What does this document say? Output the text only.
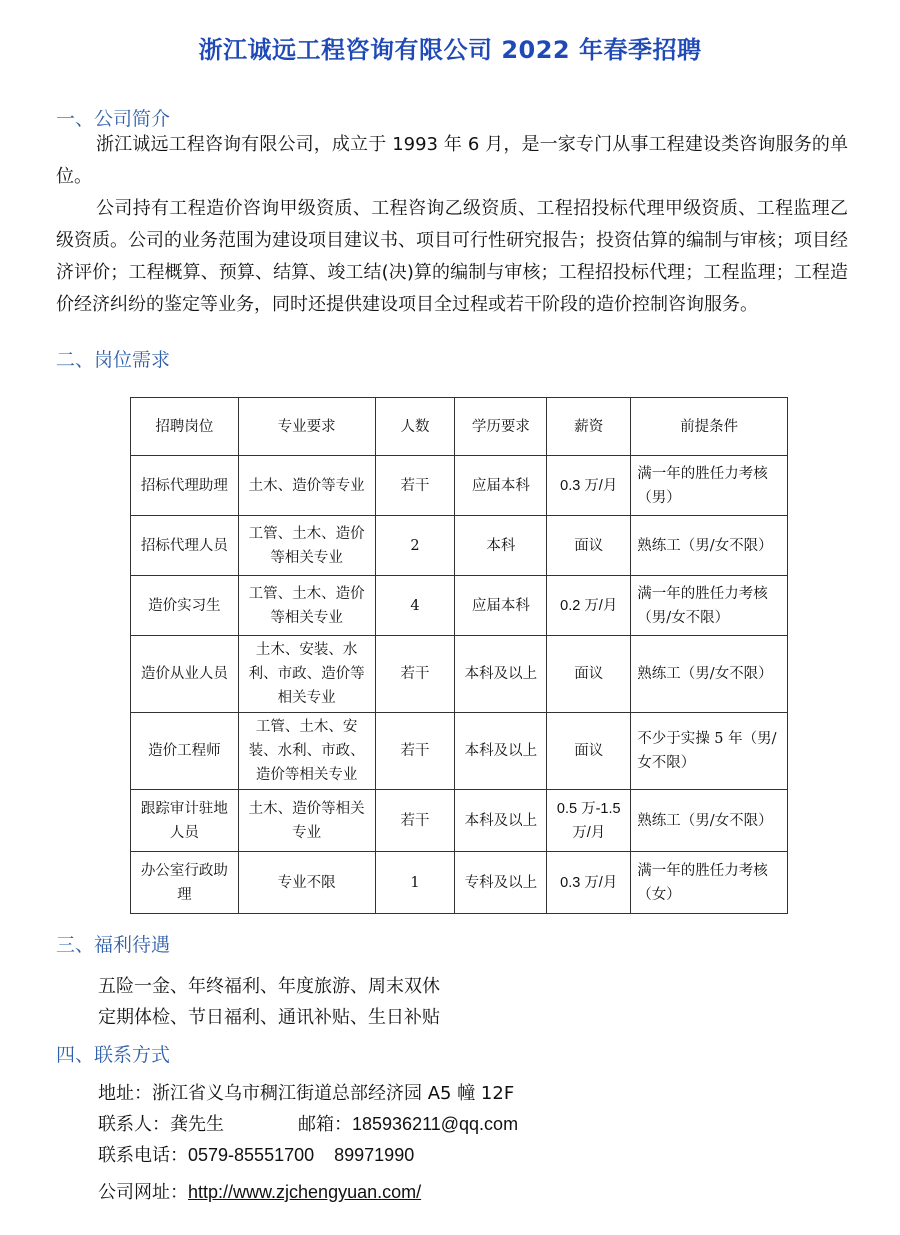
浙江诚远工程咨询有限公司 2022 年春季招聘
一、公司简介

浙江诚远工程咨询有限公司，成立于 1993 年 6 月，是一家专门从事工程建设类咨询服务的单位。

公司持有工程造价咨询甲级资质、工程咨询乙级资质、工程招投标代理甲级资质、工程监理乙级资质。公司的业务范围为建设项目建议书、项目可行性研究报告；投资估算的编制与审核；项目经济评价；工程概算、预算、结算、竣工结(决)算的编制与审核；工程招投标代理；工程监理；工程造价经济纠纷的鉴定等业务，同时还提供建设项目全过程或若干阶段的造价控制咨询服务。

二、岗位需求
招聘岗位	专业要求	人数	学历要求	薪资	前提条件
招标代理助理	土木、造价等专业	若干	应届本科	0.3 万/月	满一年的胜任力考核（男）
招标代理人员	工管、土木、造价等相关专业	2	本科	面议	熟练工（男/女不限）
造价实习生	工管、土木、造价等相关专业	4	应届本科	0.2 万/月	满一年的胜任力考核（男/女不限）
造价从业人员	土木、安装、水利、市政、造价等相关专业	若干	本科及以上	面议	熟练工（男/女不限）
造价工程师	工管、土木、安装、水利、市政、造价等相关专业	若干	本科及以上	面议	不少于实操 5 年（男/女不限）
跟踪审计驻地人员	土木、造价等相关专业	若干	本科及以上	0.5 万-1.5 万/月	熟练工（男/女不限）
办公室行政助理	专业不限	1	专科及以上	0.3 万/月	满一年的胜任力考核（女）
三、福利待遇
五险一金、年终福利、年度旅游、周末双休
定期体检、节日福利、通讯补贴、生日补贴
四、联系方式
地址：浙江省义乌市稠江街道总部经济园 A5 幢 12F
联系人：龚先生	邮箱：185936211@qq.com
联系电话：0579-85551700    89971990
公司网址：http://www.zjchengyuan.com/
